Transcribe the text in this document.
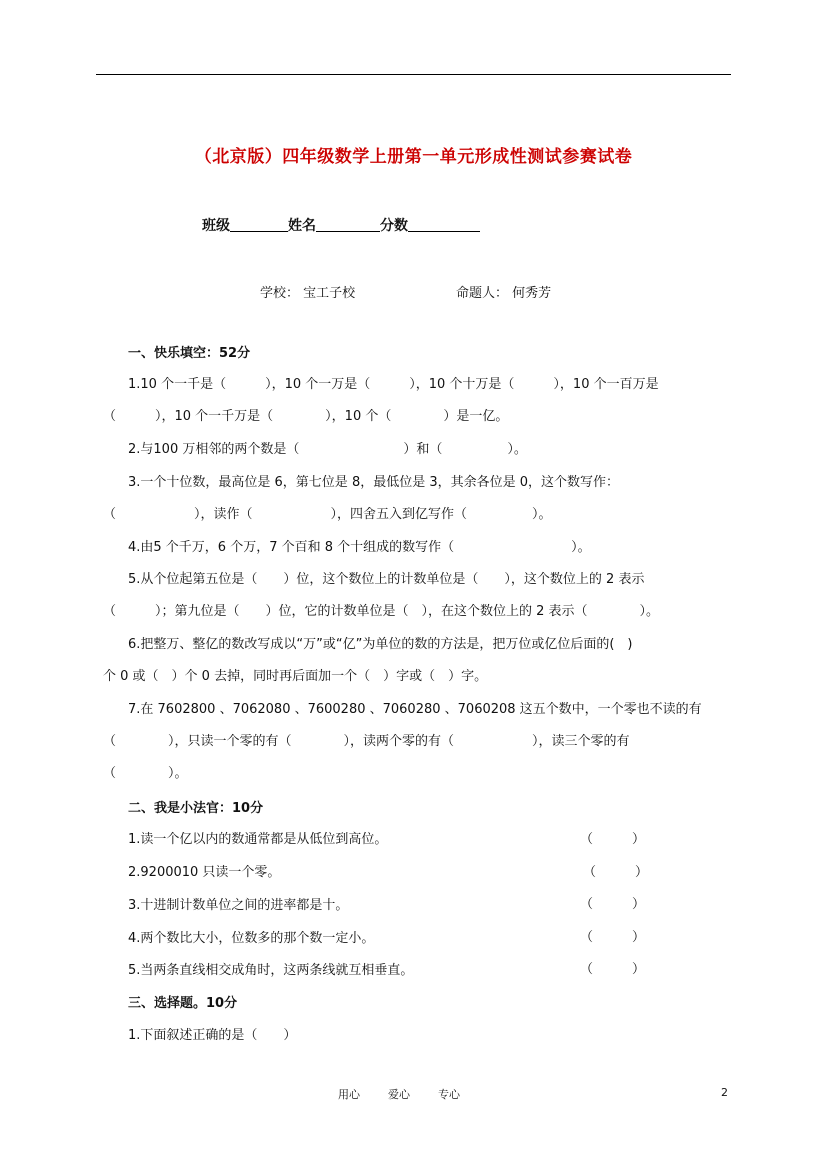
（北京版）四年级数学上册第一单元形成性测试参赛试卷
班级	姓名	分数
学校： 宝工子校	命题人： 何秀芳
一、快乐填空：52分
1.10 个一千是（　　　），10 个一万是（　　　），10 个十万是（　　　），10 个一百万是
（　　　），10 个一千万是（　　　　），10 个（　　　　）是一亿。
2.与100 万相邻的两个数是（　　　　　　　　）和（　　　　　）。
3.一个十位数，最高位是 6，第七位是 8，最低位是 3，其余各位是 0，这个数写作：
（　　　　　　），读作（　　　　　　），四舍五入到亿写作（　　　　　）。
4.由5 个千万，6 个万，7 个百和 8 个十组成的数写作（　　　　　　　　　）。
5.从个位起第五位是（　　）位，这个数位上的计数单位是（　　），这个数位上的 2 表示
（　　　）；第九位是（　　）位，它的计数单位是（　），在这个数位上的 2 表示（　　　　）。
6.把整万、整亿的数改写成以“万”或“亿”为单位的数的方法是，把万位或亿位后面的(　)
个 0 或（　）个 0 去掉，同时再后面加一个（　）字或（　）字。
7.在 7602800 、7062080 、7600280 、7060280 、7060208 这五个数中，一个零也不读的有
（　　　　），只读一个零的有（　　　　），读两个零的有（　　　　　　），读三个零的有
（　　　　）。
二、我是小法官：10分
1.读一个亿以内的数通常都是从低位到高位。	（　　　）
2.9200010 只读一个零。	（　　　）
3.十进制计数单位之间的进率都是十。	（　　　）
4.两个数比大小，位数多的那个数一定小。	（　　　）
5.当两条直线相交成角时，这两条线就互相垂直。	（　　　）
三、选择题。10分
1.下面叙述正确的是（　　）
用心	爱心	专心	2
